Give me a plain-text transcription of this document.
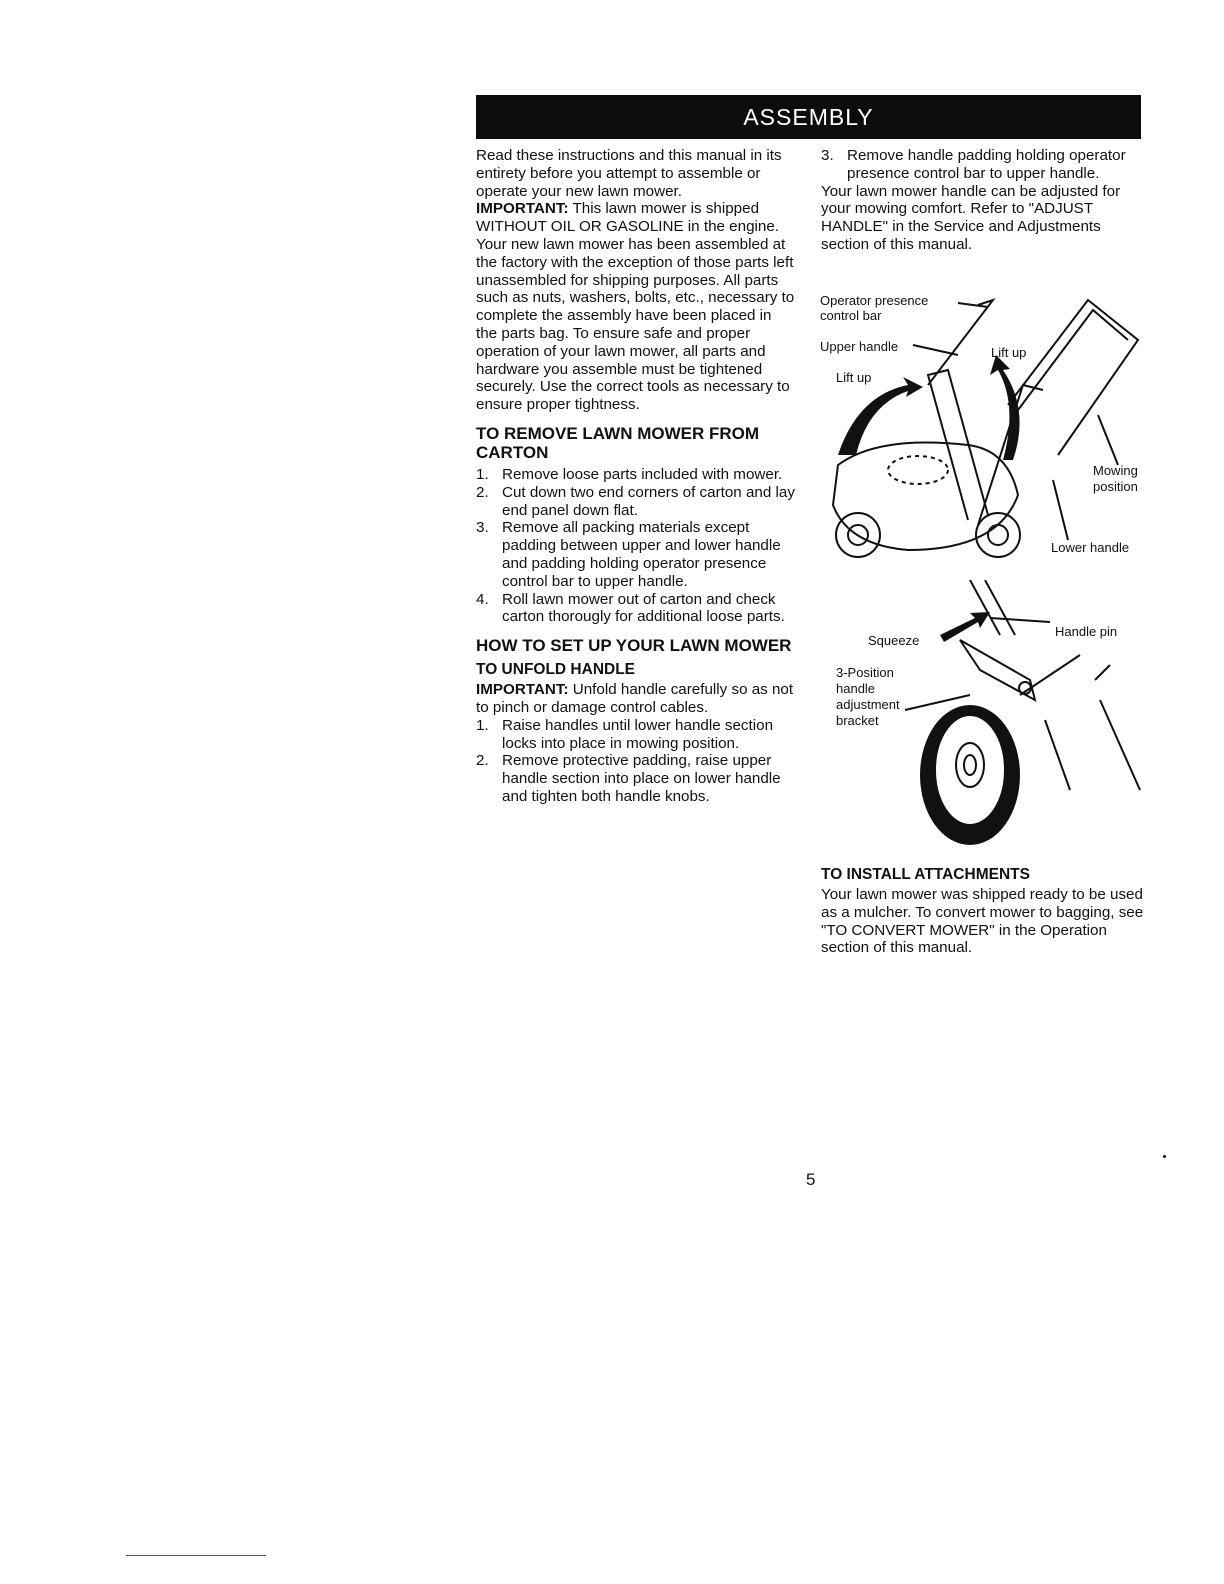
ASSEMBLY

Read these instructions and this manual in its entirety before you attempt to assemble or operate your new lawn mower.

IMPORTANT: This lawn mower is shipped WITHOUT OIL OR GASOLINE in the engine.

Your new lawn mower has been assembled at the factory with the exception of those parts left unassembled for shipping purposes. All parts such as nuts, washers, bolts, etc., necessary to complete the assembly have been placed in the parts bag. To ensure safe and proper operation of your lawn mower, all parts and hardware you assemble must be tightened securely. Use the correct tools as necessary to ensure proper tightness.

TO REMOVE LAWN MOWER FROM CARTON
1. Remove loose parts included with mower.
2. Cut down two end corners of carton and lay end panel down flat.
3. Remove all packing materials except padding between upper and lower handle and padding holding operator presence control bar to upper handle.
4. Roll lawn mower out of carton and check carton thorougly for additional loose parts.
HOW TO SET UP YOUR LAWN MOWER
TO UNFOLD HANDLE

IMPORTANT: Unfold handle carefully so as not to pinch or damage control cables.

1. Raise handles until lower handle section locks into place in mowing position.
2. Remove protective padding, raise upper handle section into place on lower handle and tighten both handle knobs.
3. Remove handle padding holding operator presence control bar to upper handle.

Your lawn mower handle can be adjusted for your mowing comfort. Refer to "ADJUST HANDLE" in the Service and Adjustments section of this manual.

Operator presence
control bar
Upper handle
Lift up
Lift up
Mowing
position
Lower handle
Squeeze
Handle pin
3-Position
handle
adjustment
bracket
TO INSTALL ATTACHMENTS

Your lawn mower was shipped ready to be used as a mulcher. To convert mower to bagging, see "TO CONVERT MOWER" in the Operation section of this manual.

5
